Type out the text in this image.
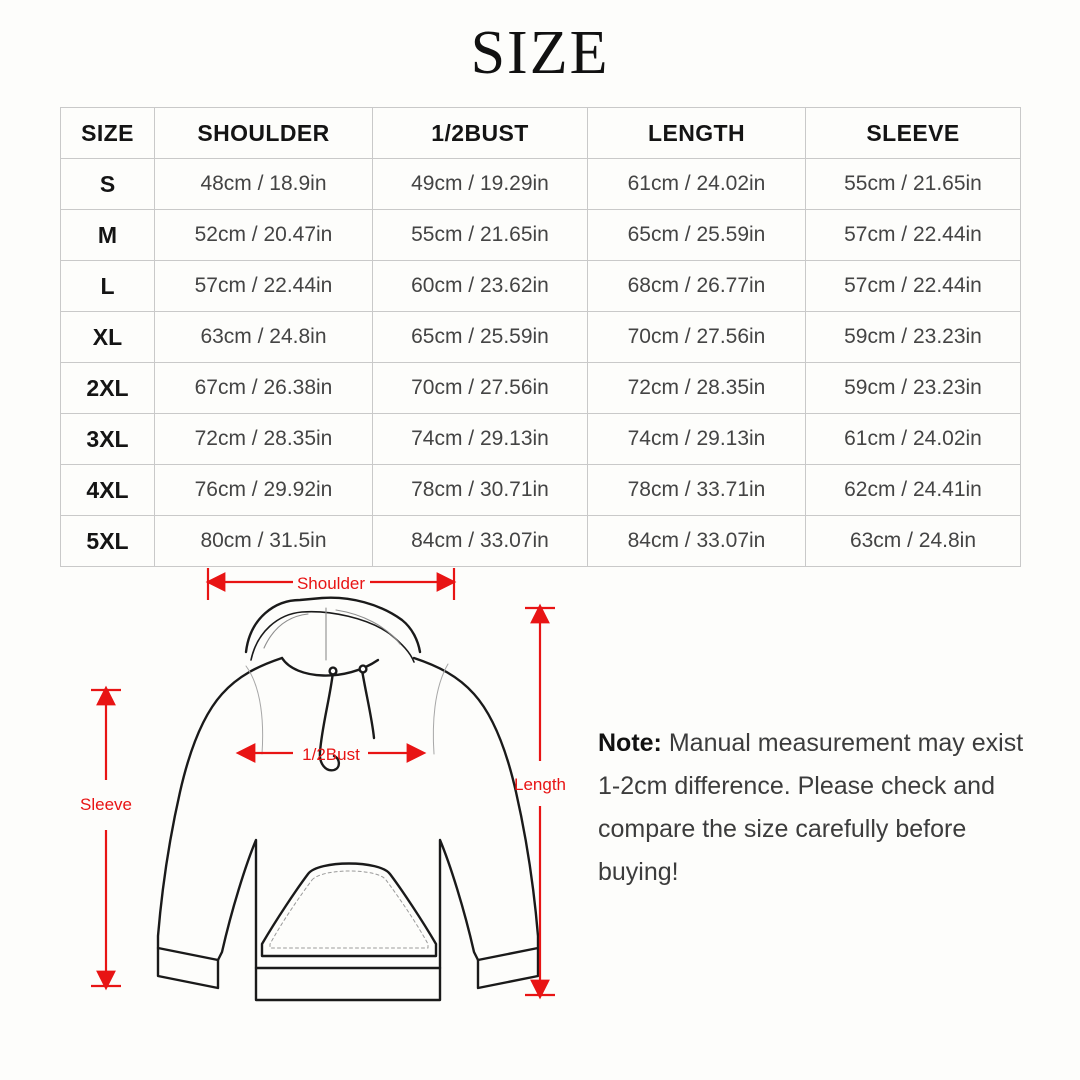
SIZE
SIZE	SHOULDER	1/2BUST	LENGTH	SLEEVE
S	48cm / 18.9in	49cm / 19.29in	61cm / 24.02in	55cm / 21.65in
M	52cm / 20.47in	55cm / 21.65in	65cm / 25.59in	57cm / 22.44in
L	57cm / 22.44in	60cm / 23.62in	68cm / 26.77in	57cm / 22.44in
XL	63cm / 24.8in	65cm / 25.59in	70cm / 27.56in	59cm / 23.23in
2XL	67cm / 26.38in	70cm / 27.56in	72cm / 28.35in	59cm / 23.23in
3XL	72cm / 28.35in	74cm / 29.13in	74cm / 29.13in	61cm / 24.02in
4XL	76cm / 29.92in	78cm / 30.71in	78cm / 33.71in	62cm / 24.41in
5XL	80cm / 31.5in	84cm / 33.07in	84cm / 33.07in	63cm / 24.8in
Shoulder
1/2Bust
Length
Sleeve
Note: Manual measurement may exist 1-2cm difference. Please check and compare the size carefully before buying!
